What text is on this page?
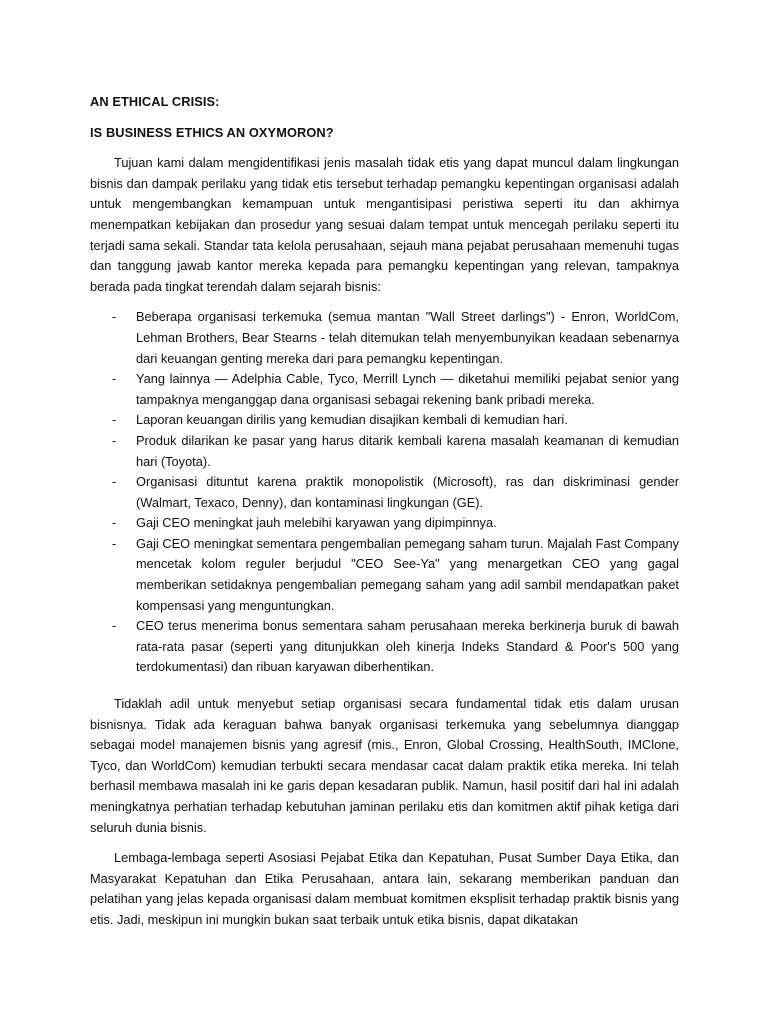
AN ETHICAL CRISIS:

IS BUSINESS ETHICS AN OXYMORON?

Tujuan kami dalam mengidentifikasi jenis masalah tidak etis yang dapat muncul dalam lingkungan bisnis dan dampak perilaku yang tidak etis tersebut terhadap pemangku kepentingan organisasi adalah untuk mengembangkan kemampuan untuk mengantisipasi peristiwa seperti itu dan akhirnya menempatkan kebijakan dan prosedur yang sesuai dalam tempat untuk mencegah perilaku seperti itu terjadi sama sekali. Standar tata kelola perusahaan, sejauh mana pejabat perusahaan memenuhi tugas dan tanggung jawab kantor mereka kepada para pemangku kepentingan yang relevan, tampaknya berada pada tingkat terendah dalam sejarah bisnis:

- Beberapa organisasi terkemuka (semua mantan "Wall Street darlings") - Enron, WorldCom, Lehman Brothers, Bear Stearns - telah ditemukan telah menyembunyikan keadaan sebenarnya dari keuangan genting mereka dari para pemangku kepentingan.
- Yang lainnya — Adelphia Cable, Tyco, Merrill Lynch — diketahui memiliki pejabat senior yang tampaknya menganggap dana organisasi sebagai rekening bank pribadi mereka.
- Laporan keuangan dirilis yang kemudian disajikan kembali di kemudian hari.
- Produk dilarikan ke pasar yang harus ditarik kembali karena masalah keamanan di kemudian hari (Toyota).
- Organisasi dituntut karena praktik monopolistik (Microsoft), ras dan diskriminasi gender (Walmart, Texaco, Denny), dan kontaminasi lingkungan (GE).
- Gaji CEO meningkat jauh melebihi karyawan yang dipimpinnya.
- Gaji CEO meningkat sementara pengembalian pemegang saham turun. Majalah Fast Company mencetak kolom reguler berjudul "CEO See-Ya" yang menargetkan CEO yang gagal memberikan setidaknya pengembalian pemegang saham yang adil sambil mendapatkan paket kompensasi yang menguntungkan.
- CEO terus menerima bonus sementara saham perusahaan mereka berkinerja buruk di bawah rata-rata pasar (seperti yang ditunjukkan oleh kinerja Indeks Standard & Poor's 500 yang terdokumentasi) dan ribuan karyawan diberhentikan.

Tidaklah adil untuk menyebut setiap organisasi secara fundamental tidak etis dalam urusan bisnisnya. Tidak ada keraguan bahwa banyak organisasi terkemuka yang sebelumnya dianggap sebagai model manajemen bisnis yang agresif (mis., Enron, Global Crossing, HealthSouth, IMClone, Tyco, dan WorldCom) kemudian terbukti secara mendasar cacat dalam praktik etika mereka. Ini telah berhasil membawa masalah ini ke garis depan kesadaran publik. Namun, hasil positif dari hal ini adalah meningkatnya perhatian terhadap kebutuhan jaminan perilaku etis dan komitmen aktif pihak ketiga dari seluruh dunia bisnis.

Lembaga-lembaga seperti Asosiasi Pejabat Etika dan Kepatuhan, Pusat Sumber Daya Etika, dan Masyarakat Kepatuhan dan Etika Perusahaan, antara lain, sekarang memberikan panduan dan pelatihan yang jelas kepada organisasi dalam membuat komitmen eksplisit terhadap praktik bisnis yang etis. Jadi, meskipun ini mungkin bukan saat terbaik untuk etika bisnis, dapat dikatakan
